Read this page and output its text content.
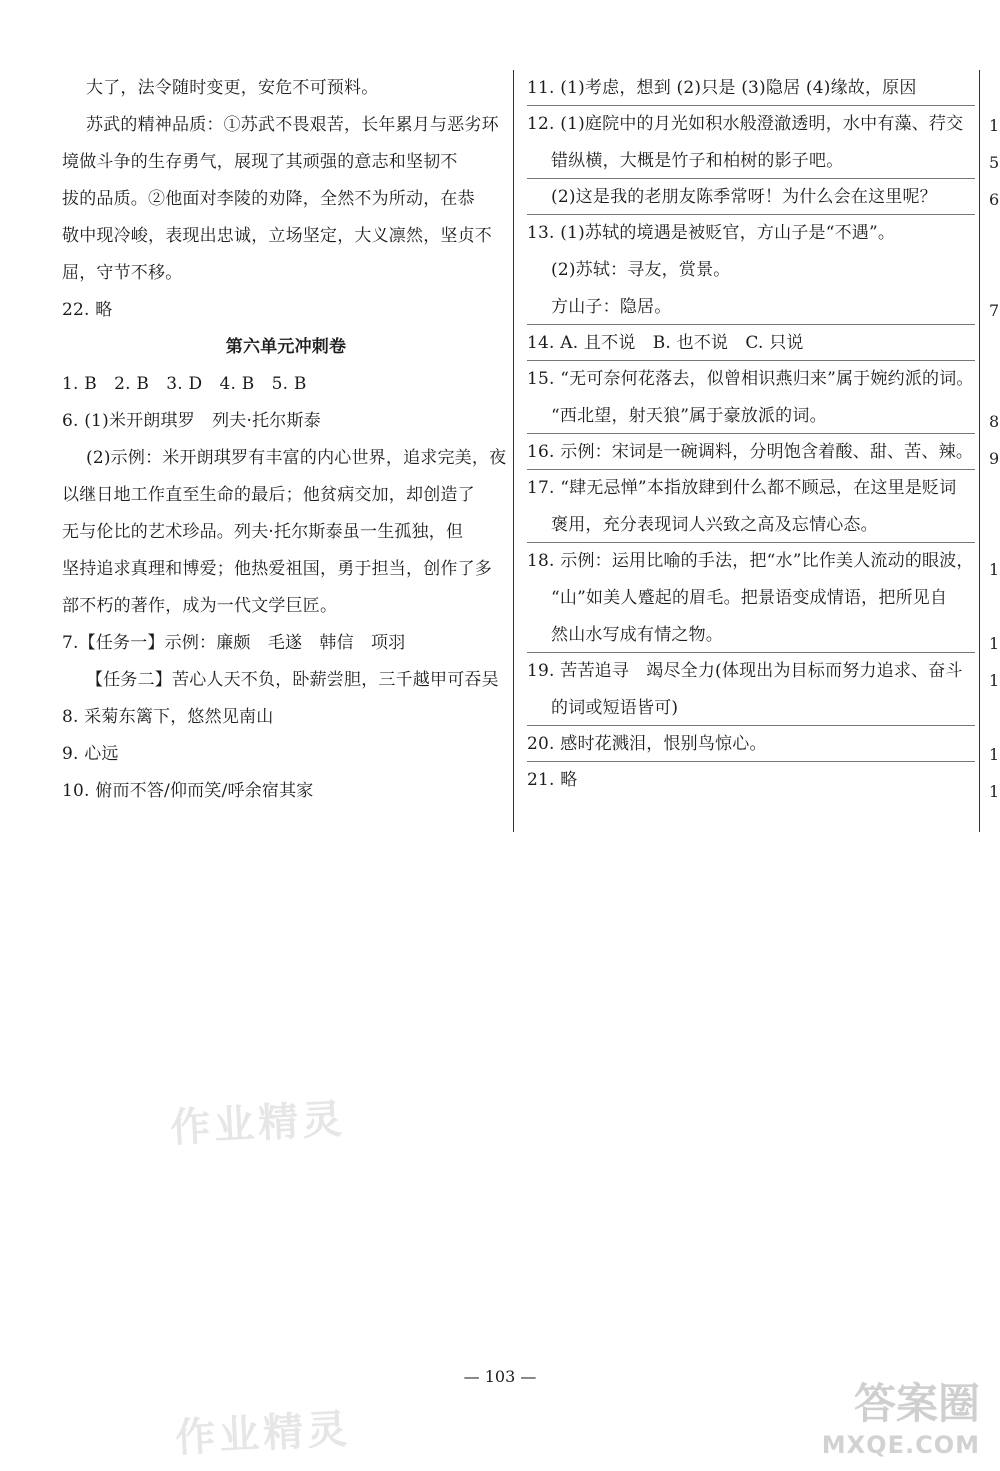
大了，法令随时变更，安危不可预料。
苏武的精神品质：①苏武不畏艰苦，长年累月与恶劣环
境做斗争的生存勇气，展现了其顽强的意志和坚韧不
拔的品质。②他面对李陵的劝降，全然不为所动，在恭
敬中现冷峻，表现出忠诚，立场坚定，大义凛然，坚贞不
屈，守节不移。
22. 略
第六单元冲刺卷
1. B　2. B　3. D　4. B　5. B
6. (1)米开朗琪罗　列夫·托尔斯泰
(2)示例：米开朗琪罗有丰富的内心世界，追求完美，夜
以继日地工作直至生命的最后；他贫病交加，却创造了
无与伦比的艺术珍品。列夫·托尔斯泰虽一生孤独，但
坚持追求真理和博爱；他热爱祖国，勇于担当，创作了多
部不朽的著作，成为一代文学巨匠。
7.【任务一】示例：廉颇　毛遂　韩信　项羽
【任务二】苦心人天不负，卧薪尝胆，三千越甲可吞吴
8. 采菊东篱下，悠然见南山
9. 心远
10. 俯而不答/仰而笑/呼余宿其家
11. (1)考虑，想到 (2)只是 (3)隐居 (4)缘故，原因
12. (1)庭院中的月光如积水般澄澈透明，水中有藻、荇交
错纵横，大概是竹子和柏树的影子吧。
(2)这是我的老朋友陈季常呀！为什么会在这里呢？
13. (1)苏轼的境遇是被贬官，方山子是“不遇”。
(2)苏轼：寻友，赏景。
方山子：隐居。
14. A. 且不说　B. 也不说　C. 只说
15. “无可奈何花落去，似曾相识燕归来”属于婉约派的词。
“西北望，射天狼”属于豪放派的词。
16. 示例：宋词是一碗调料，分明饱含着酸、甜、苦、辣。
17. “肆无忌惮”本指放肆到什么都不顾忌，在这里是贬词
褒用，充分表现词人兴致之高及忘情心态。
18. 示例：运用比喻的手法，把“水”比作美人流动的眼波，
“山”如美人蹙起的眉毛。把景语变成情语，把所见自
然山水写成有情之物。
19. 苦苦追寻　竭尽全力(体现出为目标而努力追求、奋斗
的词或短语皆可)
20. 感时花溅泪，恨别鸟惊心。
21. 略
1
5
6
7
8
9
1
1
1
1
1
作业精灵
作业精灵
— 103 —
答案圈
MXQE.COM
